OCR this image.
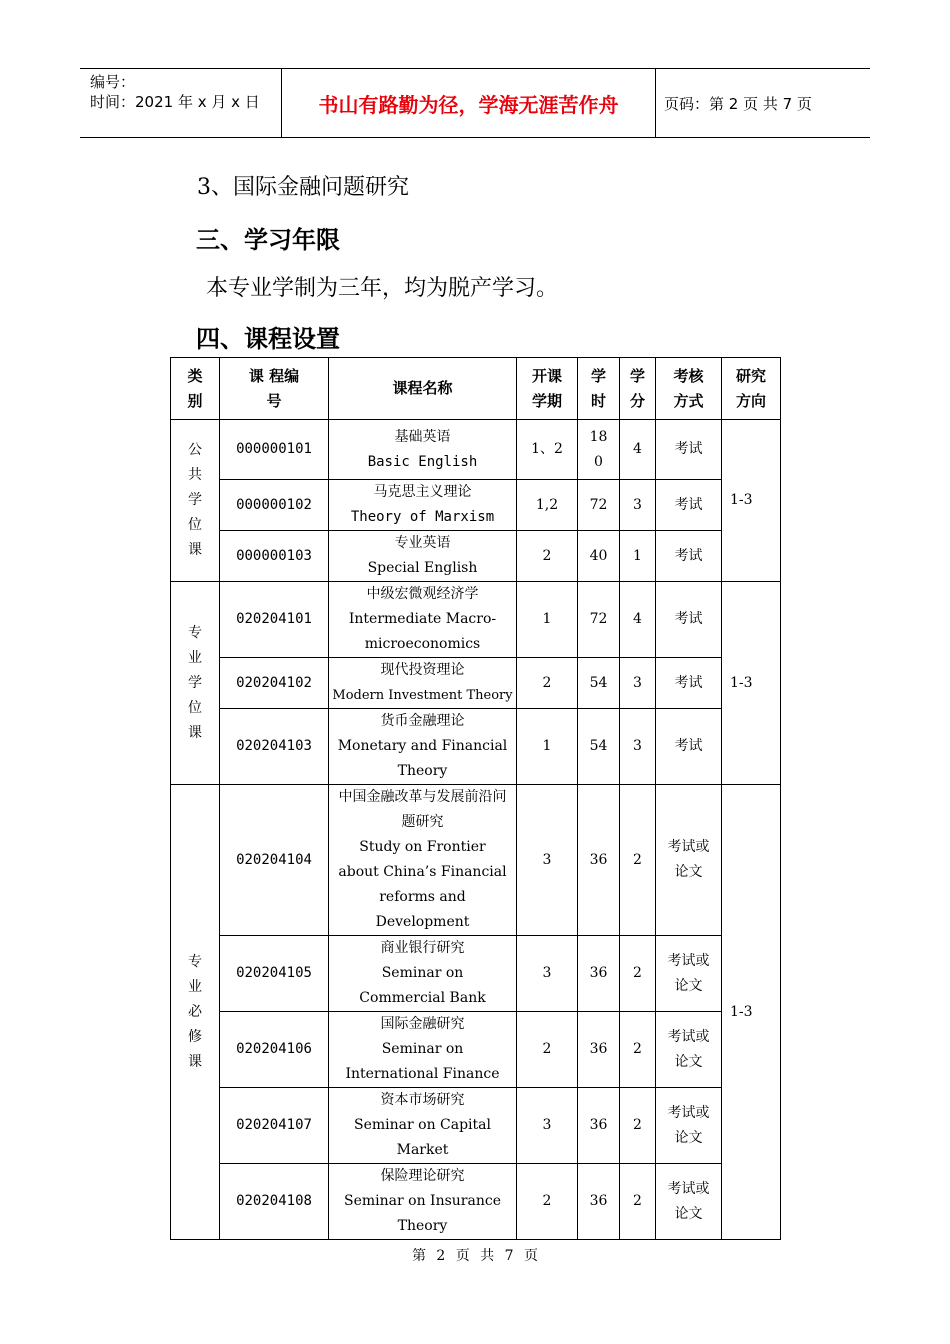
编号：
时间：2021 年 x 月 x 日	书山有路勤为径，学海无涯苦作舟	页码：第 2 页 共 7 页
3、国际金融问题研究
三、学习年限
本专业学制为三年，均为脱产学习。
四、课程设置
类别	课 程编 号	课程名称	开课学期	学时	学分	考核方式	研究方向

公共学位课	000000101	基础英语
Basic English	1、2	180	4	考试	1-3
	000000102	马克思主义理论
Theory of Marxism	1,2	72	3	考试	
	000000103	专业英语
Special English	2	40	1	考试	

专业学位课	020204101	中级宏微观经济学
Intermediate Macro-microeconomics	1	72	4	考试	1-3
	020204102	现代投资理论
Modern Investment Theory	2	54	3	考试	
	020204103	货币金融理论
Monetary and Financial Theory	1	54	3	考试	

专业必修课	020204104	中国金融改革与发展前沿问题研究
Study on Frontier about China’s Financial reforms and Development	3	36	2	考试或论文	1-3
	020204105	商业银行研究
Seminar on Commercial Bank	3	36	2	考试或论文	

	020204106	国际金融研究
Seminar on International Finance	2	36	2	考试或论文	

	020204107	资本市场研究
Seminar on Capital Market	3	36	2	考试或论文	

	020204108	保险理论研究
Seminar on Insurance Theory	2	36	2	考试或论文	
第 2 页 共 7 页
